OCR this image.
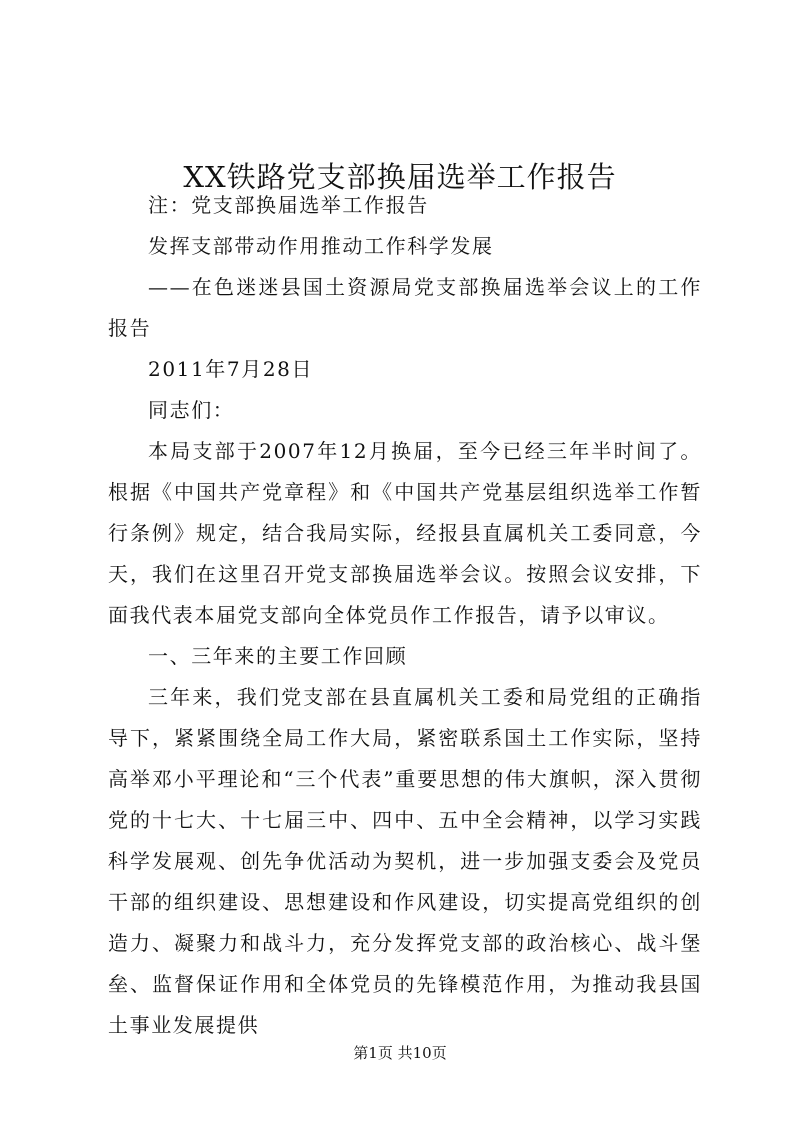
XX铁路党支部换届选举工作报告

注：党支部换届选举工作报告

发挥支部带动作用推动工作科学发展

——在色迷迷县国土资源局党支部换届选举会议上的工作报告

2011年7月28日

同志们：

本局支部于2007年12月换届，至今已经三年半时间了。根据《中国共产党章程》和《中国共产党基层组织选举工作暂行条例》规定，结合我局实际，经报县直属机关工委同意，今天，我们在这里召开党支部换届选举会议。按照会议安排，下面我代表本届党支部向全体党员作工作报告，请予以审议。

一、三年来的主要工作回顾

三年来，我们党支部在县直属机关工委和局党组的正确指导下，紧紧围绕全局工作大局，紧密联系国土工作实际，坚持高举邓小平理论和“三个代表”重要思想的伟大旗帜，深入贯彻党的十七大、十七届三中、四中、五中全会精神，以学习实践科学发展观、创先争优活动为契机，进一步加强支委会及党员干部的组织建设、思想建设和作风建设，切实提高党组织的创造力、凝聚力和战斗力，充分发挥党支部的政治核心、战斗堡垒、监督保证作用和全体党员的先锋模范作用，为推动我县国土事业发展提供

第1页 共10页
